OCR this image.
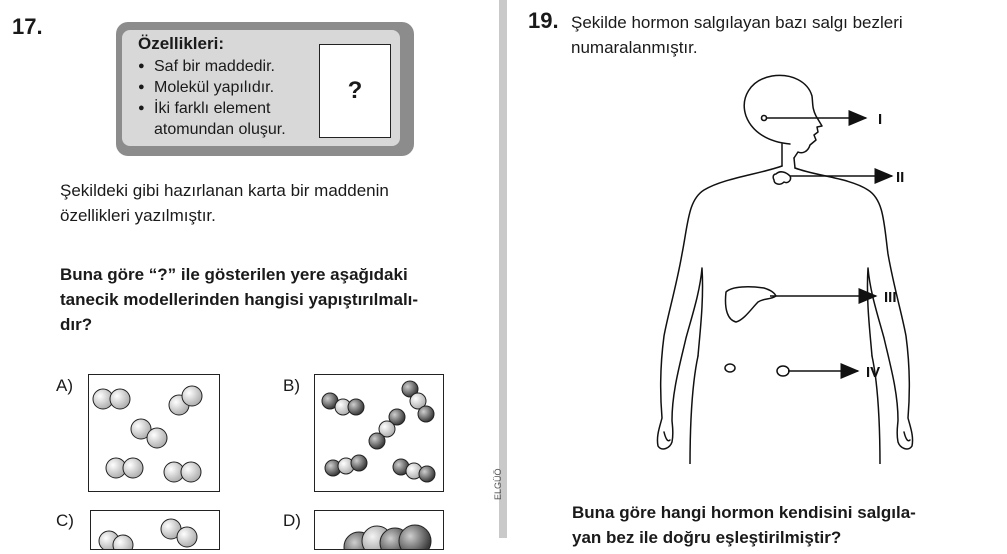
17.
Özellikleri:
● Saf bir maddedir.
● Molekül yapılıdır.
● İki farklı element
atomundan oluşur.
?
Şekildeki gibi hazırlanan karta bir maddenin
özellikleri yazılmıştır.
Buna göre “?” ile gösterilen yere aşağıdaki
tanecik modellerinden hangisi yapıştırılmalı-
dır?
A)	B)
C)	D)
ELGÜÖ
19. Şekilde hormon salgılayan bazı salgı bezleri
numaralanmıştır.
I
II
III
IV
Buna göre hangi hormon kendisini salgıla-
yan bez ile doğru eşleştirilmiştir?
